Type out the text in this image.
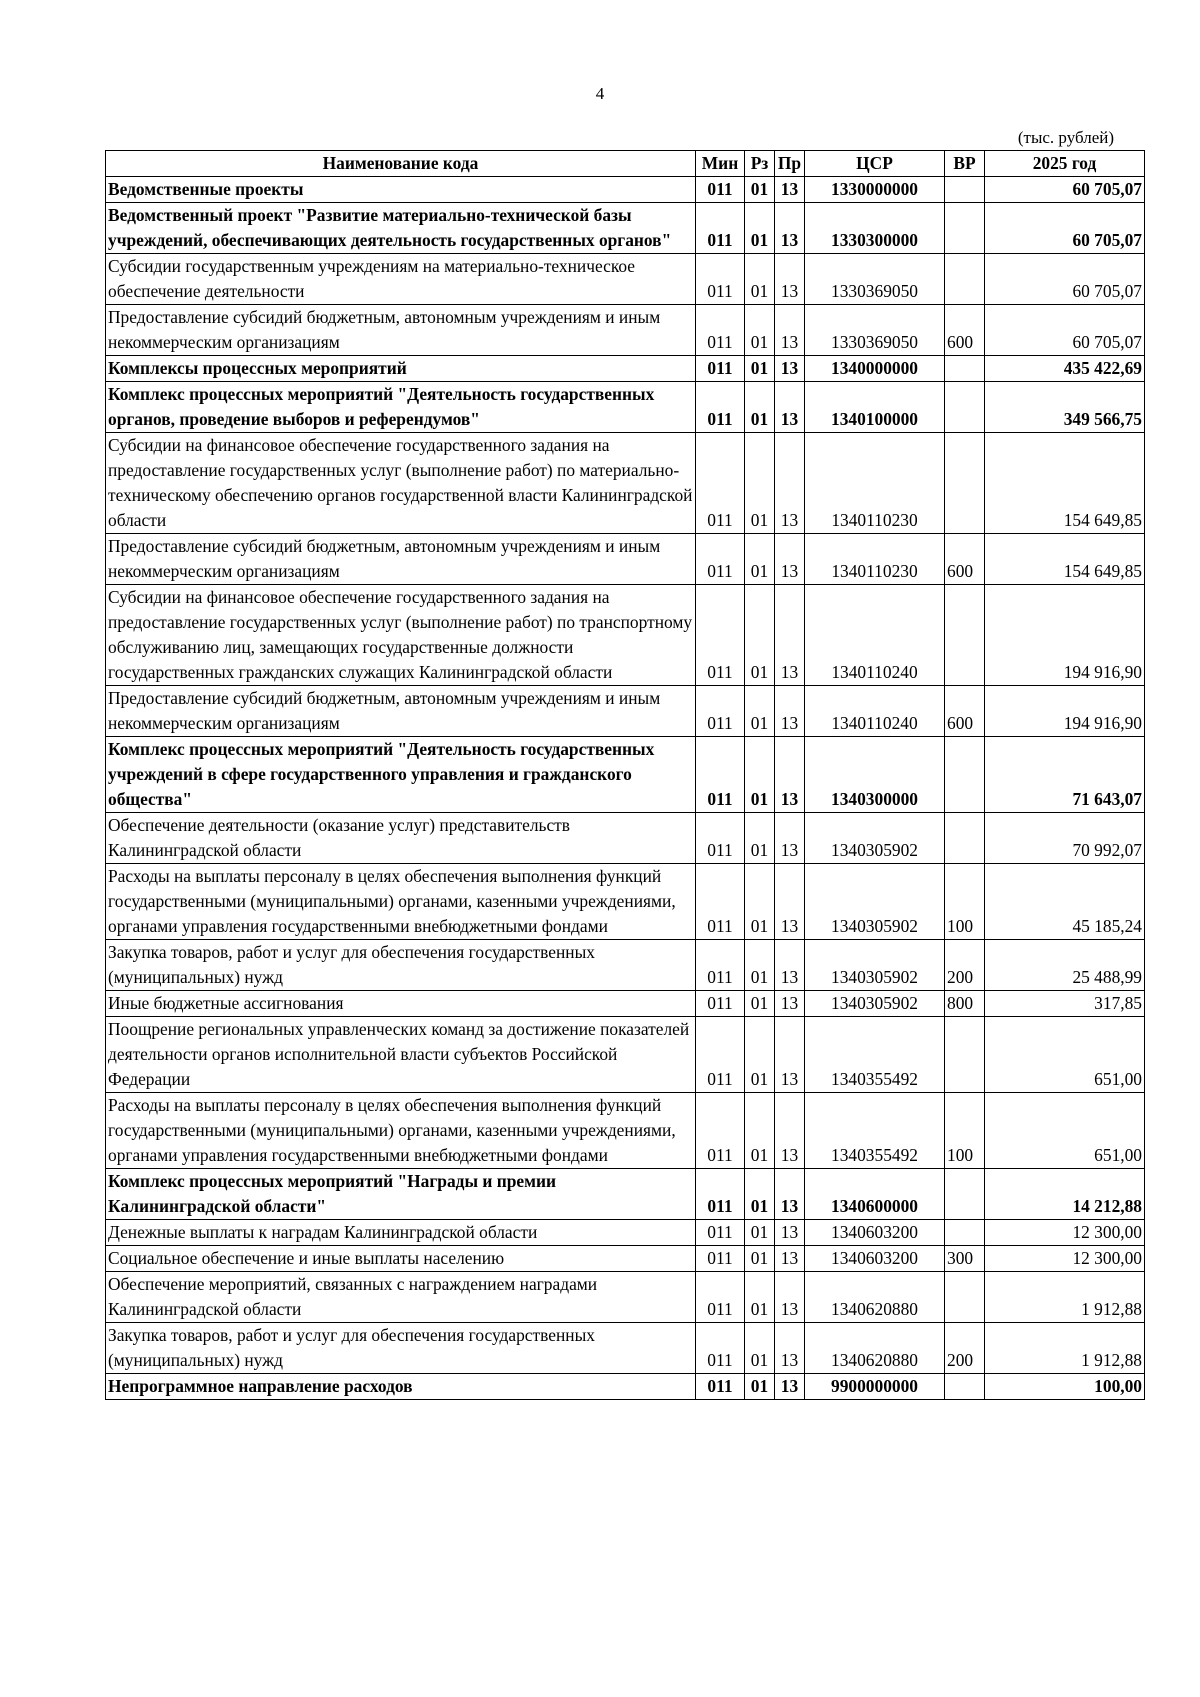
4
(тыс. рублей)
Наименование кода	Мин	Рз	Пр	ЦСР	ВР	2025 год
Ведомственные проекты	011	01	13	1330000000		60 705,07
Ведомственный проект "Развитие материально-технической базы учреждений, обеспечивающих деятельность государственных органов"	011	01	13	1330300000		60 705,07
Субсидии государственным учреждениям на материально-техническое обеспечение деятельности	011	01	13	1330369050		60 705,07
Предоставление субсидий бюджетным, автономным учреждениям и иным некоммерческим организациям	011	01	13	1330369050	600	60 705,07
Комплексы процессных мероприятий	011	01	13	1340000000		435 422,69
Комплекс процессных мероприятий "Деятельность государственных органов, проведение выборов и референдумов"	011	01	13	1340100000		349 566,75
Субсидии на финансовое обеспечение государственного задания на предоставление государственных услуг (выполнение работ) по материально-техническому обеспечению органов государственной власти Калининградской области	011	01	13	1340110230		154 649,85
Предоставление субсидий бюджетным, автономным учреждениям и иным некоммерческим организациям	011	01	13	1340110230	600	154 649,85
Субсидии на финансовое обеспечение государственного задания на предоставление государственных услуг (выполнение работ) по транспортному обслуживанию лиц, замещающих государственные должности государственных гражданских служащих Калининградской области	011	01	13	1340110240		194 916,90
Предоставление субсидий бюджетным, автономным учреждениям и иным некоммерческим организациям	011	01	13	1340110240	600	194 916,90
Комплекс процессных мероприятий "Деятельность государственных учреждений в сфере государственного управления и гражданского общества"	011	01	13	1340300000		71 643,07
Обеспечение деятельности (оказание услуг) представительств Калининградской области	011	01	13	1340305902		70 992,07
Расходы на выплаты персоналу в целях обеспечения выполнения функций государственными (муниципальными) органами, казенными учреждениями, органами управления государственными внебюджетными фондами	011	01	13	1340305902	100	45 185,24
Закупка товаров, работ и услуг для обеспечения государственных (муниципальных) нужд	011	01	13	1340305902	200	25 488,99
Иные бюджетные ассигнования	011	01	13	1340305902	800	317,85
Поощрение региональных управленческих команд за достижение показателей деятельности органов исполнительной власти субъектов Российской Федерации	011	01	13	1340355492		651,00
Расходы на выплаты персоналу в целях обеспечения выполнения функций государственными (муниципальными) органами, казенными учреждениями, органами управления государственными внебюджетными фондами	011	01	13	1340355492	100	651,00
Комплекс процессных мероприятий "Награды и премии Калининградской области"	011	01	13	1340600000		14 212,88
Денежные выплаты к наградам Калининградской области	011	01	13	1340603200		12 300,00
Социальное обеспечение и иные выплаты населению	011	01	13	1340603200	300	12 300,00
Обеспечение мероприятий, связанных с награждением наградами Калининградской области	011	01	13	1340620880		1 912,88
Закупка товаров, работ и услуг для обеспечения государственных (муниципальных) нужд	011	01	13	1340620880	200	1 912,88
Непрограммное направление расходов	011	01	13	9900000000		100,00
